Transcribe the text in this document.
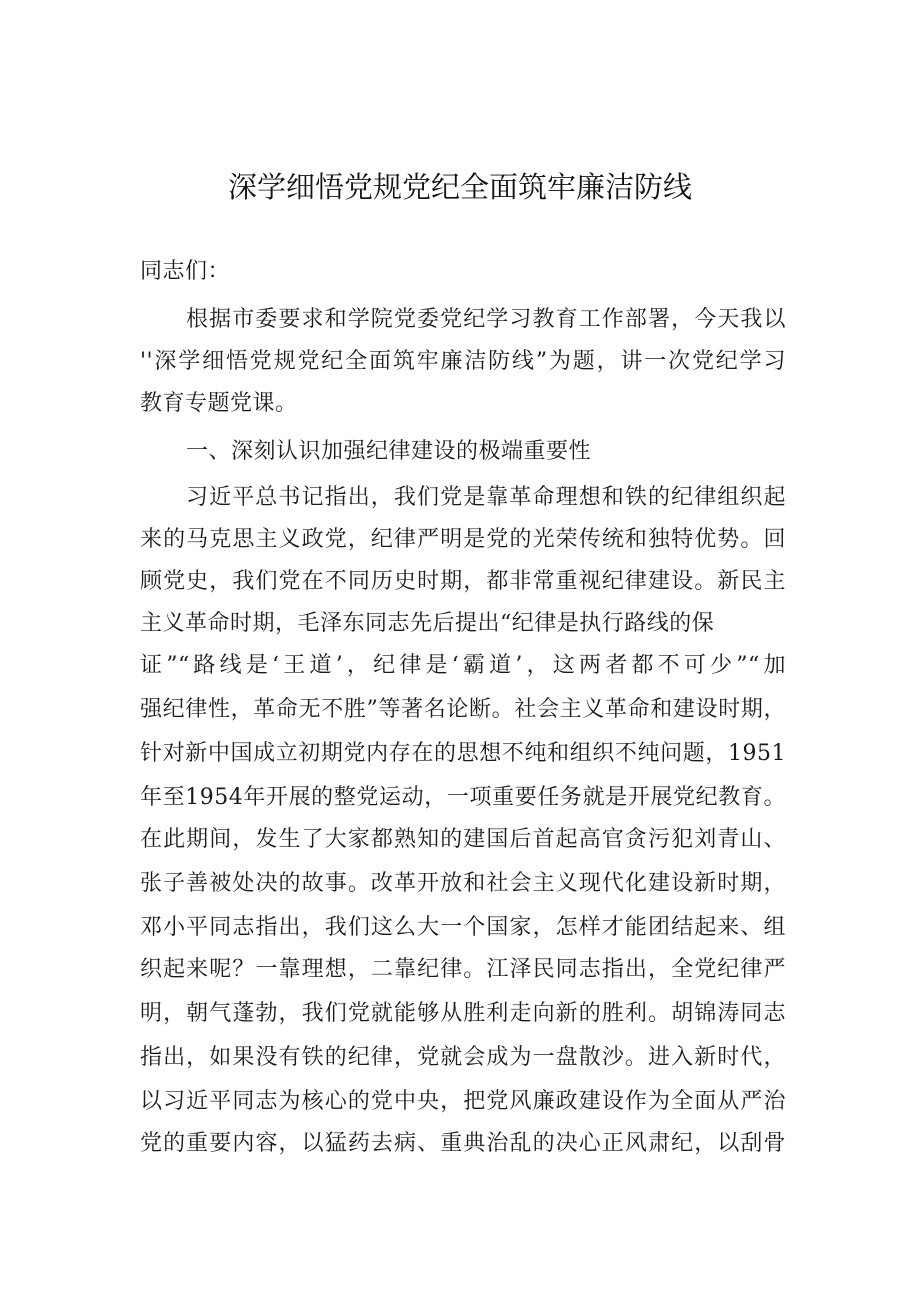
深学细悟党规党纪全面筑牢廉洁防线
同志们：
根据市委要求和学院党委党纪学习教育工作部署，今天我以
''深学细悟党规党纪全面筑牢廉洁防线”为题，讲一次党纪学习
教育专题党课。
一、深刻认识加强纪律建设的极端重要性
习近平总书记指出，我们党是靠革命理想和铁的纪律组织起
来的马克思主义政党，纪律严明是党的光荣传统和独特优势。回
顾党史，我们党在不同历史时期，都非常重视纪律建设。新民主
主义革命时期，毛泽东同志先后提出“纪律是执行路线的保
证”“路线是‘王道’，纪律是‘霸道’，这两者都不可少”“加
强纪律性，革命无不胜”等著名论断。社会主义革命和建设时期，
针对新中国成立初期党内存在的思想不纯和组织不纯问题，1951
年至1954年开展的整党运动，一项重要任务就是开展党纪教育。
在此期间，发生了大家都熟知的建国后首起高官贪污犯刘青山、
张子善被处决的故事。改革开放和社会主义现代化建设新时期，
邓小平同志指出，我们这么大一个国家，怎样才能团结起来、组
织起来呢？一靠理想，二靠纪律。江泽民同志指出，全党纪律严
明，朝气蓬勃，我们党就能够从胜利走向新的胜利。胡锦涛同志
指出，如果没有铁的纪律，党就会成为一盘散沙。进入新时代，
以习近平同志为核心的党中央，把党风廉政建设作为全面从严治
党的重要内容，以猛药去病、重典治乱的决心正风肃纪，以刮骨
